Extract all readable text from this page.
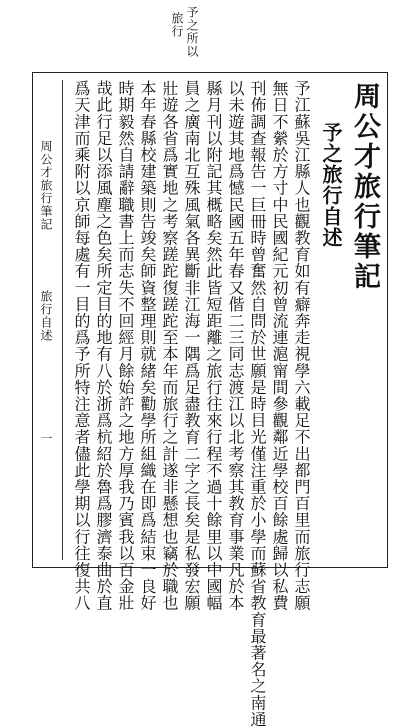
予之所以
旅行
周公才旅行筆記
予之旅行自述
予江蘇吳江縣人也觀教育如有癖奔走視學六載足不出都門百里而旅行志願
無日不縈於方寸中民國紀元初曾流連滬甯間參觀鄰近學校百餘處歸以私費
刊佈調查報告一巨冊時曾奮然自問於世願是時目光僅注重於小學而蘇省教育最著名之南通
以未遊其地爲憾民國五年春又偕二三同志渡江以北考察其教育事業凡於本
縣月刊以附記其概略矣然此皆短距離之旅行往來行程不過十餘里以中國幅
員之廣南北互殊風氣各異斷非江海一隅爲足盡教育二字之長矣是私發宏願
壯遊各省爲實地之考察蹉跎復蹉跎至本年而旅行之計遂非懸想也竊於職也
本年春縣校建築則告竣矣師資整理則就緒矣勸學所組織在即爲結束一良好
時期毅然自請辭職書上而志失不回經月餘始許之地方厚我乃賓我以百金壯
哉此行足以添風塵之色矣所定目的地有八於浙爲杭紹於魯爲膠濟泰曲於直
爲天津而乘附以京師每處有一目的爲予所特注意者儘此學期以行往復共八
周公才旅行筆記
旅行自述
一
